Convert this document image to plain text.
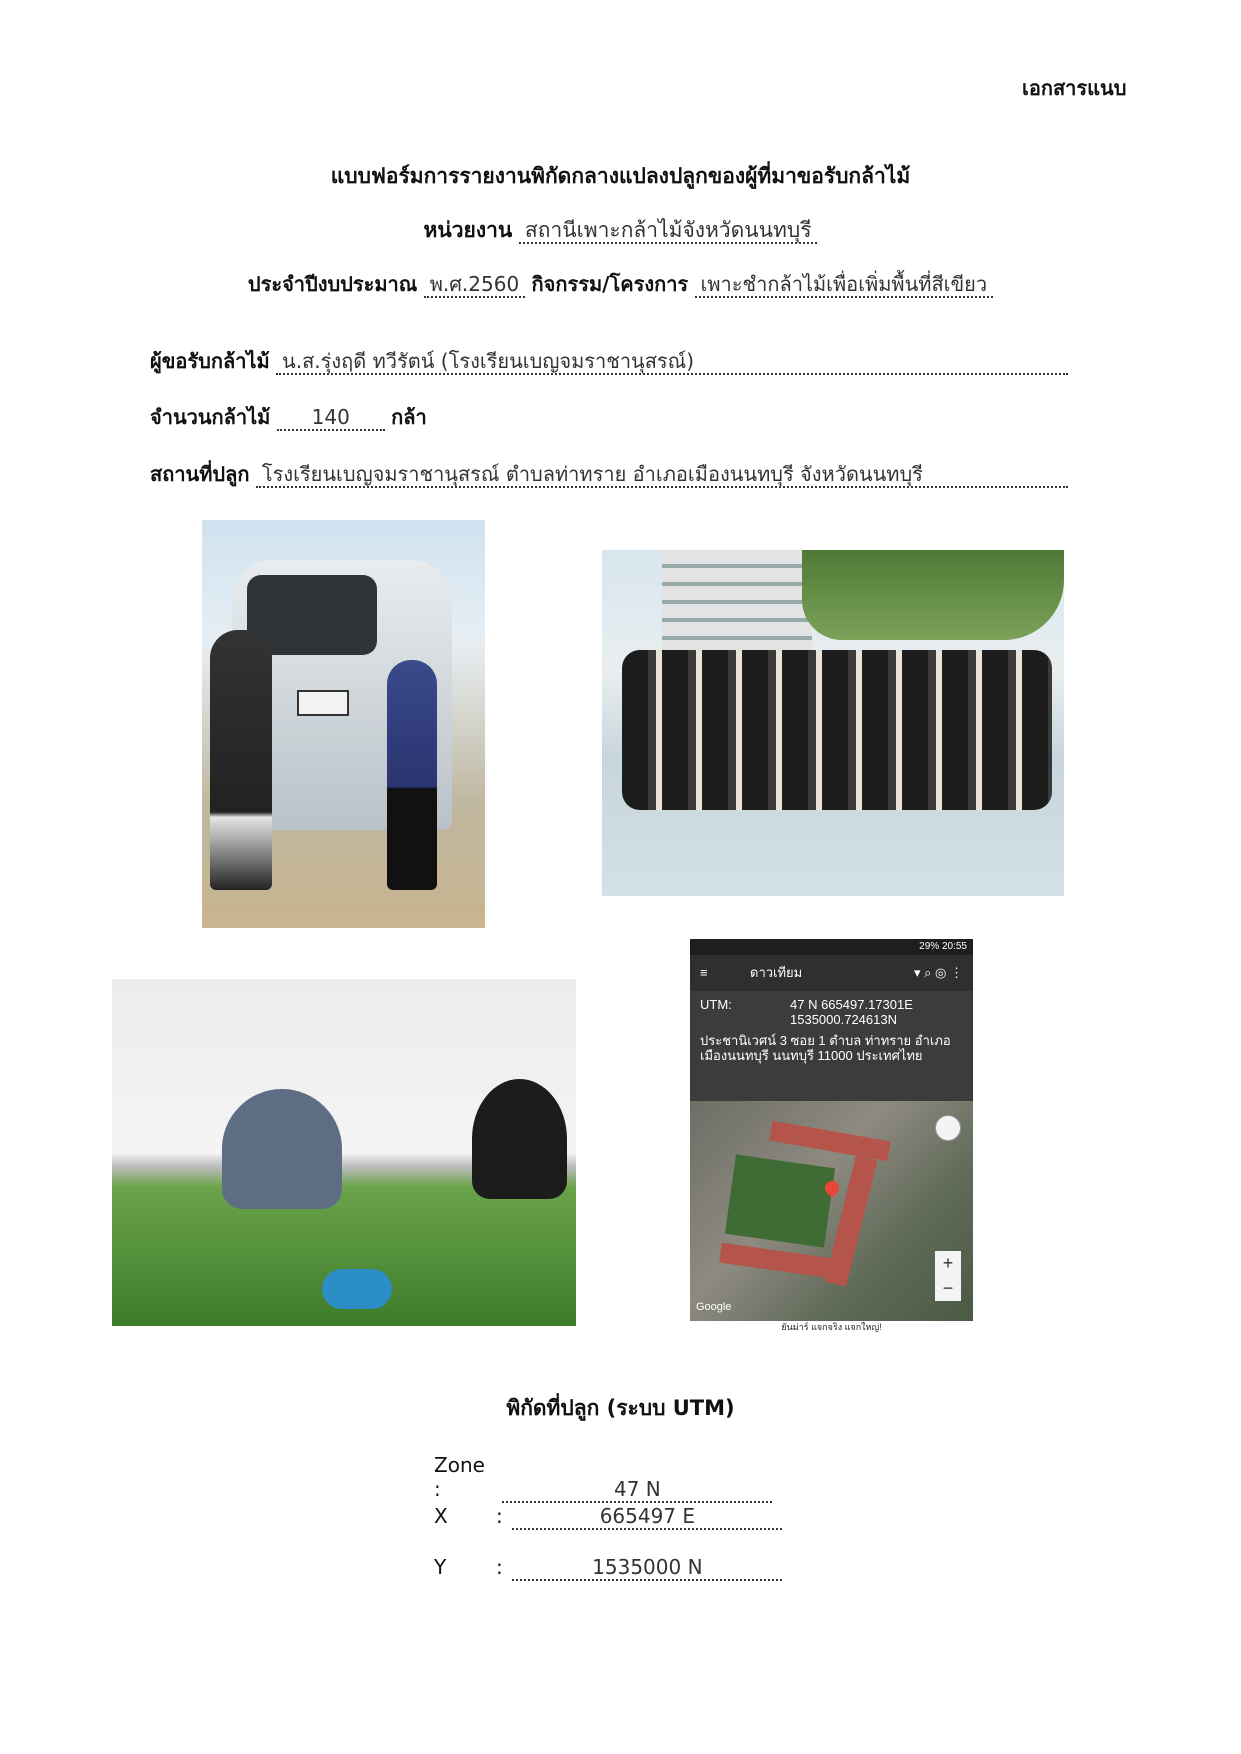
เอกสารแนบ
แบบฟอร์มการรายงานพิกัดกลางแปลงปลูกของผู้ที่มาขอรับกล้าไม้
หน่วยงาน สถานีเพาะกล้าไม้จังหวัดนนทบุรี
ประจำปีงบประมาณ พ.ศ.2560 กิจกรรม/โครงการ เพาะชำกล้าไม้เพื่อเพิ่มพื้นที่สีเขียว
ผู้ขอรับกล้าไม้ น.ส.รุ่งฤดี ทวีรัตน์ (โรงเรียนเบญจมราชานุสรณ์)
จำนวนกล้าไม้ 140 กล้า
สถานที่ปลูก โรงเรียนเบญจมราชานุสรณ์ ตำบลท่าทราย อำเภอเมืองนนทบุรี จังหวัดนนทบุรี
29% 20:55
≡	ดาวเทียม	▾ ⌕ ◎ ⋮
UTM:	47 N 665497.17301E
1535000.724613N
ประชานิเวศน์ 3 ซอย 1 ตำบล ท่าทราย อำเภอเมืองนนทบุรี นนทบุรี 11000 ประเทศไทย
+
−
Google
ยันม่าร์ แจกจริง แจกใหญ่!
พิกัดที่ปลูก (ระบบ UTM)
Zone :	47 N
X :	665497 E
Y :	1535000 N
